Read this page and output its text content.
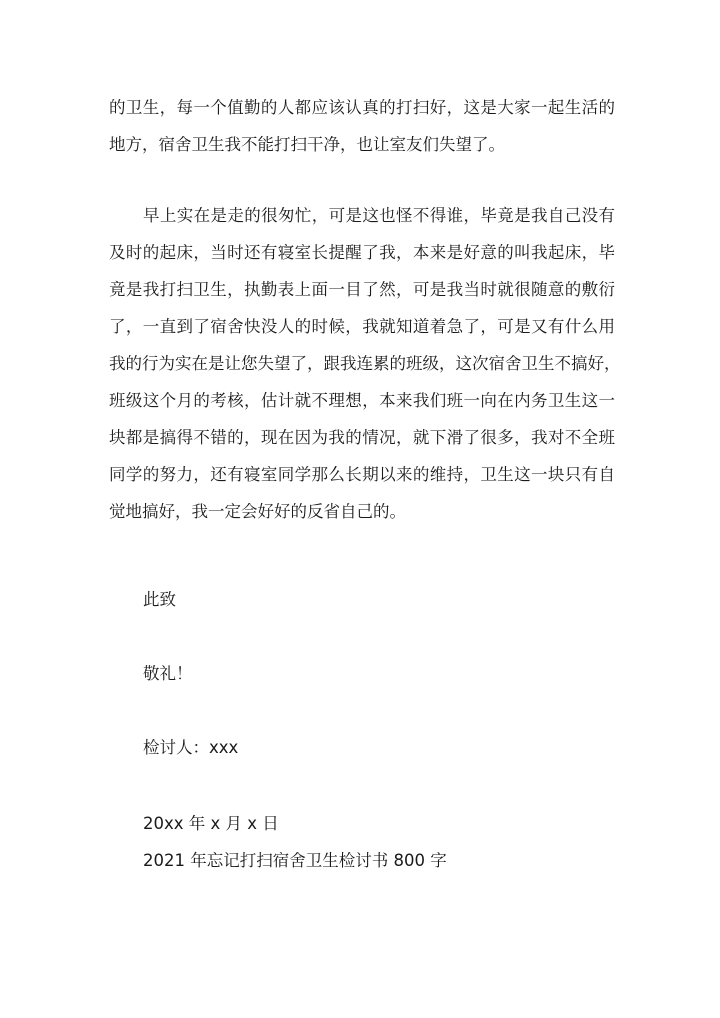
的卫生，每一个值勤的人都应该认真的打扫好，这是大家一起生活的
地方，宿舍卫生我不能打扫干净，也让室友们失望了。
早上实在是走的很匆忙，可是这也怪不得谁，毕竟是我自己没有
及时的起床，当时还有寝室长提醒了我，本来是好意的叫我起床，毕
竟是我打扫卫生，执勤表上面一目了然，可是我当时就很随意的敷衍
了，一直到了宿舍快没人的时候，我就知道着急了，可是又有什么用
我的行为实在是让您失望了，跟我连累的班级，这次宿舍卫生不搞好，
班级这个月的考核，估计就不理想，本来我们班一向在内务卫生这一
块都是搞得不错的，现在因为我的情况，就下滑了很多，我对不全班
同学的努力，还有寝室同学那么长期以来的维持，卫生这一块只有自
觉地搞好，我一定会好好的反省自己的。

此致

敬礼！

检讨人：xxx

20xx 年 x 月 x 日

2021 年忘记打扫宿舍卫生检讨书 800 字
